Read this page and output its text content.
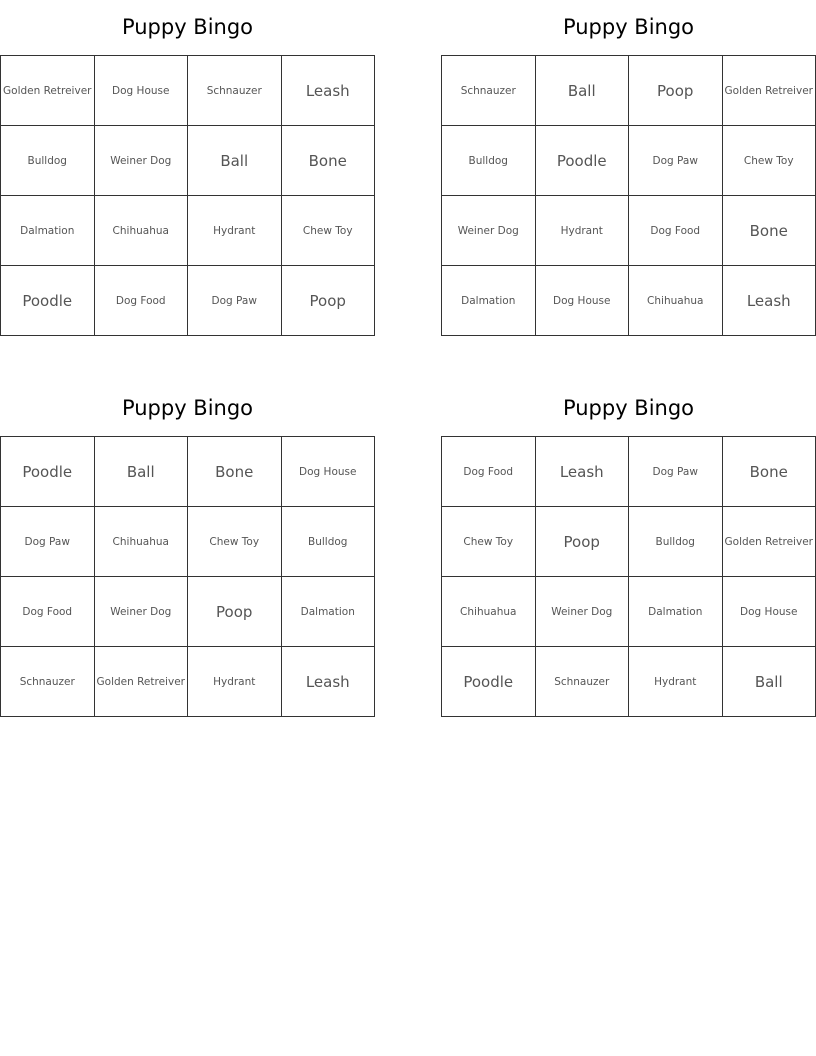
Puppy Bingo
Golden Retreiver	Dog House	Schnauzer	Leash
Bulldog	Weiner Dog	Ball	Bone
Dalmation	Chihuahua	Hydrant	Chew Toy
Poodle	Dog Food	Dog Paw	Poop
Puppy Bingo
Schnauzer	Ball	Poop	Golden Retreiver
Bulldog	Poodle	Dog Paw	Chew Toy
Weiner Dog	Hydrant	Dog Food	Bone
Dalmation	Dog House	Chihuahua	Leash
Puppy Bingo
Poodle	Ball	Bone	Dog House
Dog Paw	Chihuahua	Chew Toy	Bulldog
Dog Food	Weiner Dog	Poop	Dalmation
Schnauzer	Golden Retreiver	Hydrant	Leash
Puppy Bingo
Dog Food	Leash	Dog Paw	Bone
Chew Toy	Poop	Bulldog	Golden Retreiver
Chihuahua	Weiner Dog	Dalmation	Dog House
Poodle	Schnauzer	Hydrant	Ball
